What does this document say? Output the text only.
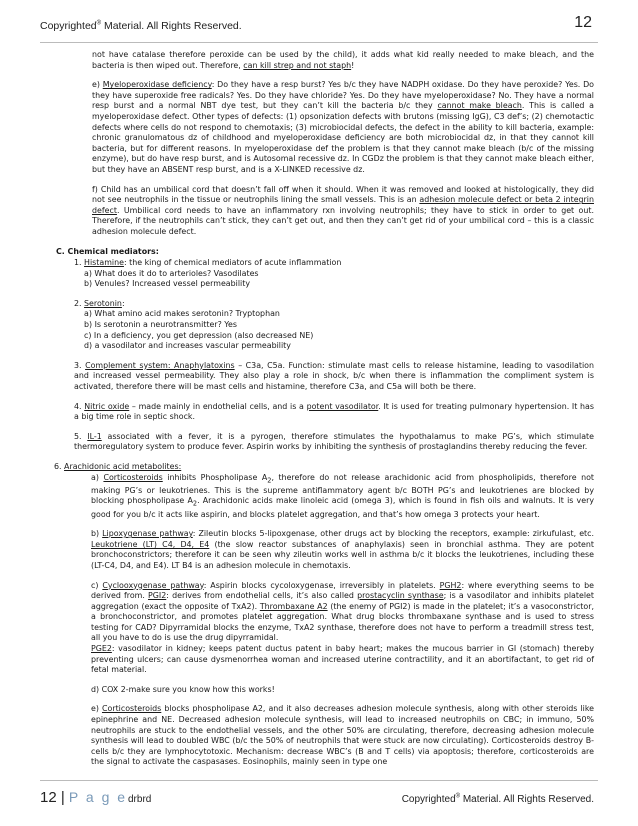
Copyrighted® Material. All Rights Reserved.	12

not have catalase therefore peroxide can be used by the child), it adds what kid really needed to make bleach, and the bacteria is then wiped out. Therefore, can kill strep and not staph!

e) Myeloperoxidase deficiency: Do they have a resp burst? Yes b/c they have NADPH oxidase. Do they have peroxide? Yes. Do they have superoxide free radicals? Yes. Do they have chloride? Yes. Do they have myeloperoxidase? No. They have a normal resp burst and a normal NBT dye test, but they can’t kill the bacteria b/c they cannot make bleach. This is called a myeloperoxidase defect. Other types of defects: (1) opsonization defects with brutons (missing IgG), C3 def’s; (2) chemotactic defects where cells do not respond to chemotaxis; (3) microbiocidal defects, the defect in the ability to kill bacteria, example: chronic granulomatous dz of childhood and myeloperoxidase deficiency are both microbiocidal dz, in that they cannot kill bacteria, but for different reasons. In myeloperoxidase def the problem is that they cannot make bleach (b/c of the missing enzyme), but do have resp burst, and is Autosomal recessive dz. In CGDz the problem is that they cannot make bleach either, but they have an ABSENT resp burst, and is a X-LINKED recessive dz.

f) Child has an umbilical cord that doesn’t fall off when it should. When it was removed and looked at histologically, they did not see neutrophils in the tissue or neutrophils lining the small vessels. This is an adhesion molecule defect or beta 2 integrin defect. Umbilical cord needs to have an inflammatory rxn involving neutrophils; they have to stick in order to get out. Therefore, if the neutrophils can’t stick, they can’t get out, and then they can’t get rid of your umbilical cord – this is a classic adhesion molecule defect.

C. Chemical mediators:

1. Histamine: the king of chemical mediators of acute inflammation

a) What does it do to arterioles? Vasodilates

b) Venules? Increased vessel permeability

2. Serotonin:

a) What amino acid makes serotonin? Tryptophan

b) Is serotonin a neurotransmitter? Yes

c) In a deficiency, you get depression (also decreased NE)

d) a vasodilator and increases vascular permeability

3. Complement system: Anaphylatoxins – C3a, C5a. Function: stimulate mast cells to release histamine, leading to vasodilation and increased vessel permeability. They also play a role in shock, b/c when there is inflammation the compliment system is activated, therefore there will be mast cells and histamine, therefore C3a, and C5a will both be there.

4. Nitric oxide – made mainly in endothelial cells, and is a potent vasodilator. It is used for treating pulmonary hypertension. It has a big time role in septic shock.

5. IL-1 associated with a fever, it is a pyrogen, therefore stimulates the hypothalamus to make PG’s, which stimulate thermoregulatory system to produce fever. Aspirin works by inhibiting the synthesis of prostaglandins thereby reducing the fever.

6. Arachidonic acid metabolites:

a) Corticosteroids inhibits Phospholipase $A_2$, therefore do not release arachidonic acid from phospholipids, therefore not making PG’s or leukotrienes. This is the supreme antiflammatory agent b/c BOTH PG’s and leukotrienes are blocked by blocking phospholipase $A_2$. Arachidonic acids make linoleic acid (omega 3), which is found in fish oils and walnuts. It is very good for you b/c it acts like aspirin, and blocks platelet aggregation, and that’s how omega 3 protects your heart.

b) Lipoxygenase pathway: Zileutin blocks 5-lipoxgenase, other drugs act by blocking the receptors, example: zirkufulast, etc. Leukotriene (LT) C4, D4, E4 (the slow reactor substances of anaphylaxis) seen in bronchial asthma. They are potent bronchoconstrictors; therefore it can be seen why zileutin works well in asthma b/c it blocks the leukotrienes, including these (LT-C4, D4, and E4). LT B4 is an adhesion molecule in chemotaxis.

c) Cyclooxygenase pathway: Aspirin blocks cycoloxygenase, irreversibly in platelets. PGH2: where everything seems to be derived from. PGI2: derives from endothelial cells, it’s also called prostacyclin synthase; is a vasodilator and inhibits platelet aggregation (exact the opposite of TxA2). Thrombaxane A2 (the enemy of PGI2) is made in the platelet; it’s a vasoconstrictor, a bronchoconstrictor, and promotes platelet aggregation. What drug blocks thrombaxane synthase and is used to stress testing for CAD? Dipyrramidal blocks the enzyme, TxA2 synthase, therefore does not have to perform a treadmill stress test, all you have to do is use the drug dipyrramidal.
PGE2: vasodilator in kidney; keeps patent ductus patent in baby heart; makes the mucous barrier in GI (stomach) thereby preventing ulcers; can cause dysmenorrhea woman and increased uterine contractility, and it an abortifactant, to get rid of fetal material.

d) COX 2-make sure you know how this works!

e) Corticosteroids blocks phospholipase A2, and it also decreases adhesion molecule synthesis, along with other steroids like epinephrine and NE. Decreased adhesion molecule synthesis, will lead to increased neutrophils on CBC; in immuno, 50% neutrophils are stuck to the endothelial vessels, and the other 50% are circulating, therefore, decreasing adhesion molecule synthesis will lead to doubled WBC (b/c the 50% of neutrophils that were stuck are now circulating). Corticosteroids destroy B-cells b/c they are lymphocytotoxic. Mechanism: decrease WBC’s (B and T cells) via apoptosis; therefore, corticosteroids are the signal to activate the caspasases. Eosinophils, mainly seen in type one

12 | P a g e drbrd	Copyrighted® Material. All Rights Reserved.
